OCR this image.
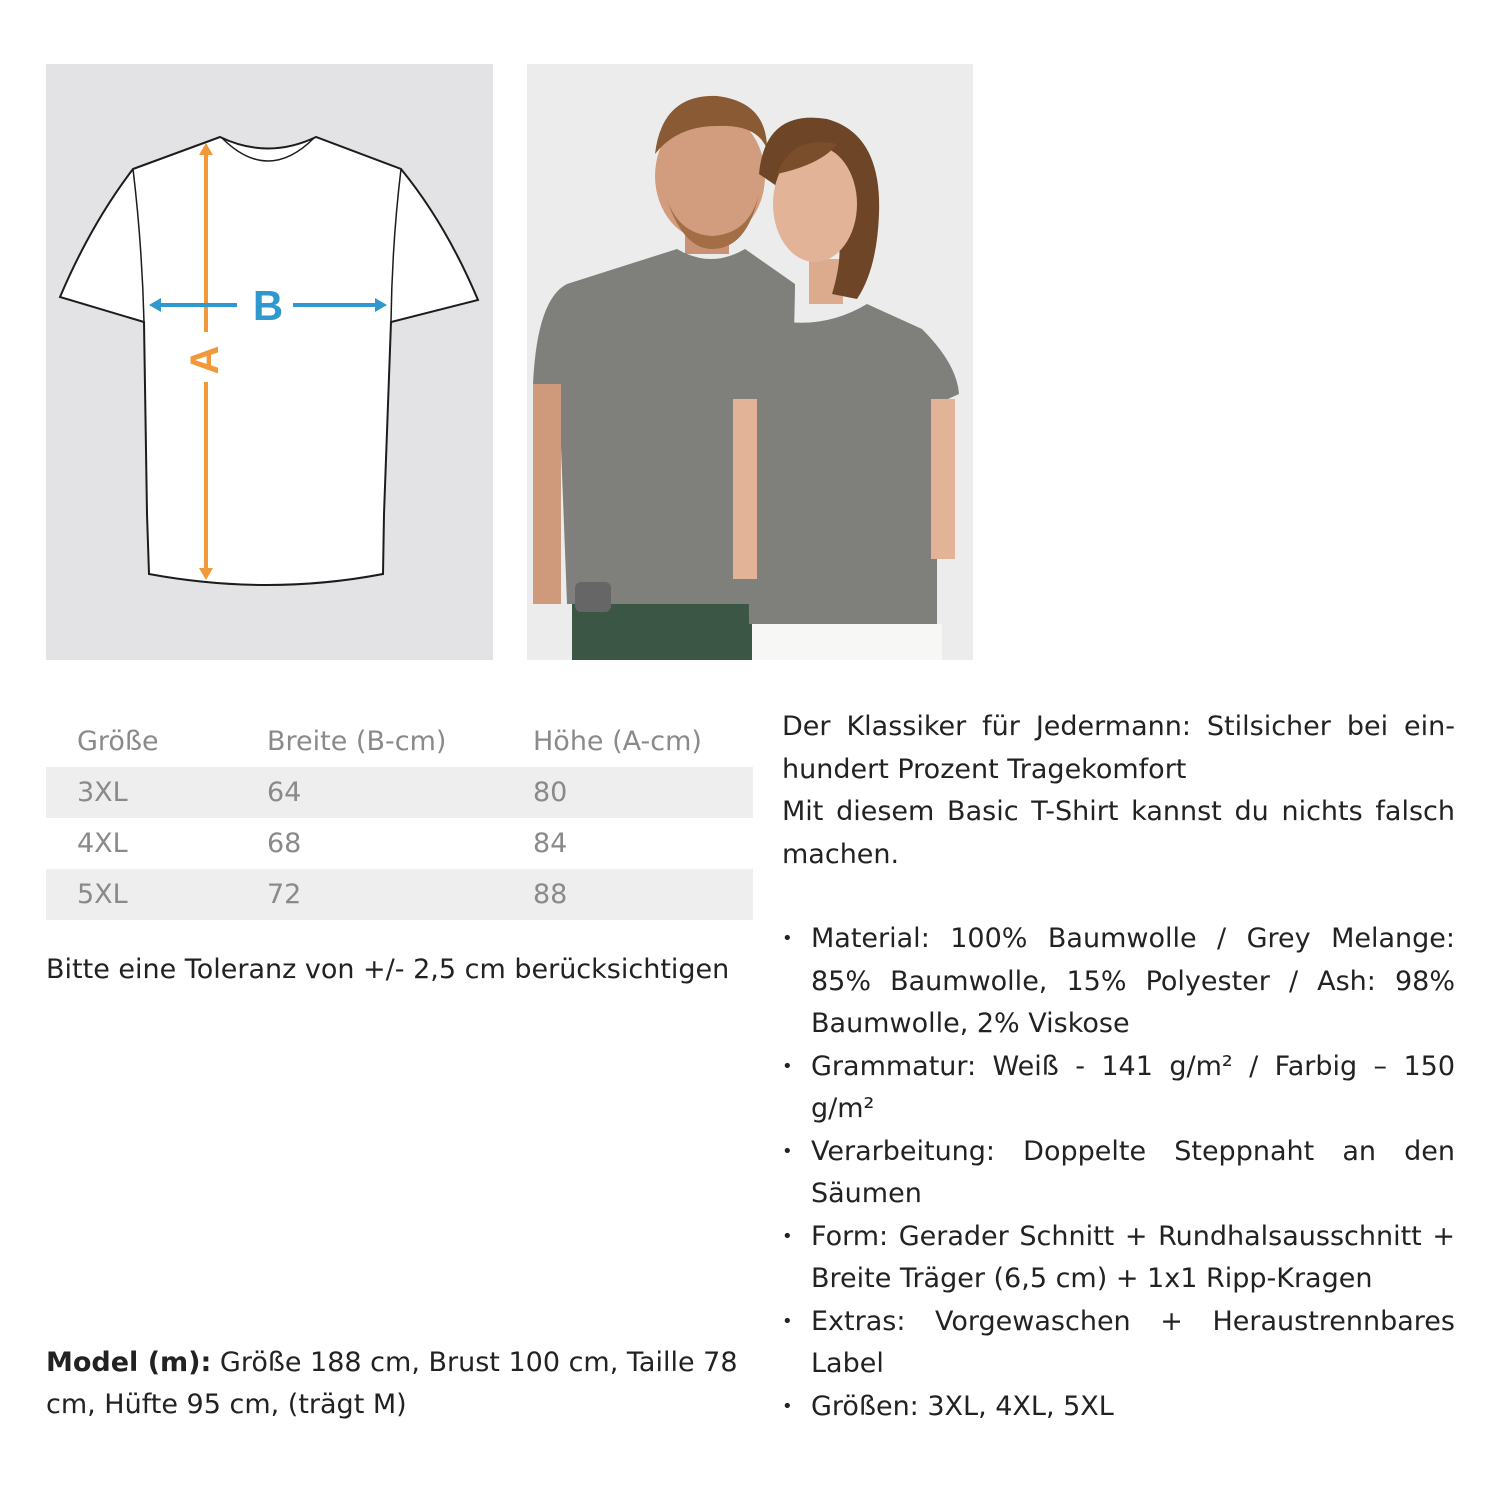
A
B
Größe	Breite (B-cm)	Höhe (A-cm)
3XL	64	80
4XL	68	84
5XL	72	88
Bitte eine Toleranz von +/- 2,5 cm berücksichtigen
Model (m): Größe 188 cm, Brust 100 cm, Taille 78 cm, Hüfte 95 cm, (trägt M)

Der Klassiker für Jedermann: Stilsicher bei ein- hundert Prozent Tragekomfort

Mit diesem Basic T-Shirt kannst du nichts falsch machen.

• Material: 100% Baumwolle / Grey Melange: 85% Baumwolle, 15% Polyester / Ash: 98% Baumwolle, 2% Viskose
• Grammatur: Weiß - 141 g/m² / Farbig – 150 g/m²
• Verarbeitung: Doppelte Steppnaht an den Säumen
• Form: Gerader Schnitt + Rundhalsausschnitt + Breite Träger (6,5 cm) + 1x1 Ripp-Kragen
• Extras: Vorgewaschen + Heraustrennbares Label
• Größen: 3XL, 4XL, 5XL
